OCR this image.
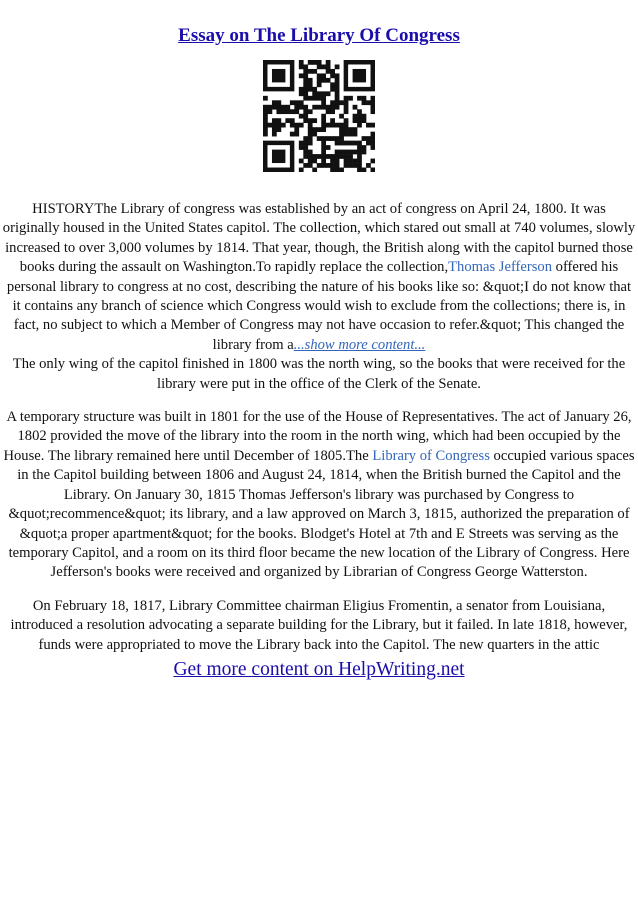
Essay on The Library Of Congress

HISTORYThe Library of congress was established by an act of congress on April 24, 1800. It was originally housed in the United States capitol. The collection, which stared out small at 740 volumes, slowly increased to over 3,000 volumes by 1814. That year, though, the British along with the capitol burned those books during the assault on Washington.To rapidly replace the collection,Thomas Jefferson offered his personal library to congress at no cost, describing the nature of his books like so: &quot;I do not know that it contains any branch of science which Congress would wish to exclude from the collections; there is, in fact, no subject to which a Member of Congress may not have occasion to refer.&quot; This changed the library from a...show more content...
The only wing of the capitol finished in 1800 was the north wing, so the books that were received for the library were put in the office of the Clerk of the Senate.

A temporary structure was built in 1801 for the use of the House of Representatives. The act of January 26, 1802 provided the move of the library into the room in the north wing, which had been occupied by the House. The library remained here until December of 1805.The Library of Congress occupied various spaces in the Capitol building between 1806 and August 24, 1814, when the British burned the Capitol and the Library. On January 30, 1815 Thomas Jefferson's library was purchased by Congress to &quot;recommence&quot; its library, and a law approved on March 3, 1815, authorized the preparation of &quot;a proper apartment&quot; for the books. Blodget's Hotel at 7th and E Streets was serving as the temporary Capitol, and a room on its third floor became the new location of the Library of Congress. Here Jefferson's books were received and organized by Librarian of Congress George Watterston.

On February 18, 1817, Library Committee chairman Eligius Fromentin, a senator from Louisiana, introduced a resolution advocating a separate building for the Library, but it failed. In late 1818, however, funds were appropriated to move the Library back into the Capitol. The new quarters in the attic

Get more content on HelpWriting.net
